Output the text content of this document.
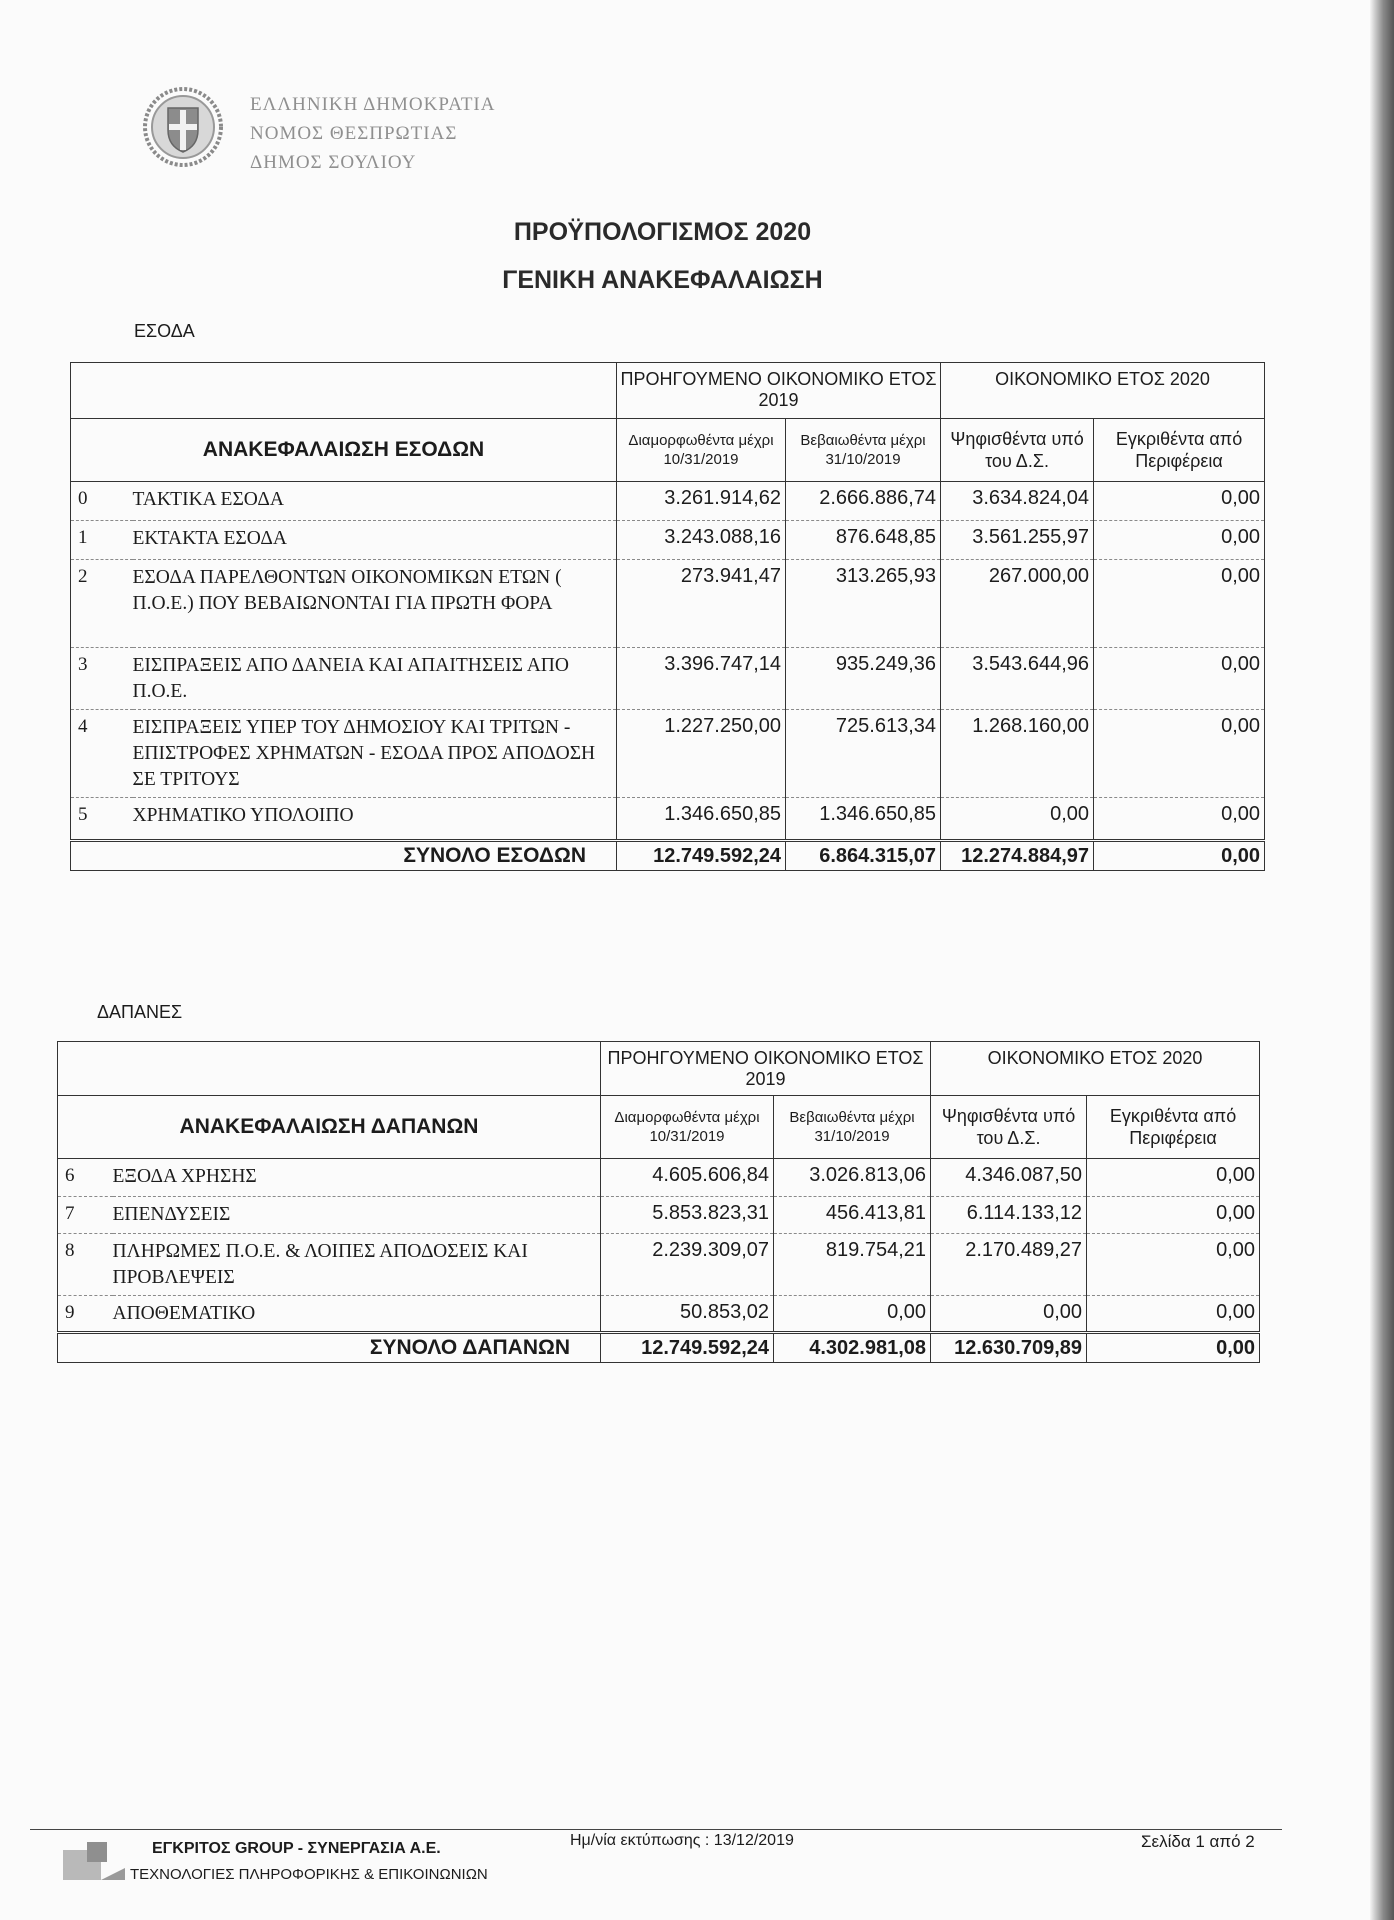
ΕΛΛΗΝΙΚΗ ΔΗΜΟΚΡΑΤΙΑ
ΝΟΜΟΣ ΘΕΣΠΡΩΤΙΑΣ
ΔΗΜΟΣ ΣΟΥΛΙΟΥ
ΠΡΟΫΠΟΛΟΓΙΣΜΟΣ 2020
ΓΕΝΙΚΗ ΑΝΑΚΕΦΑΛΑΙΩΣΗ
ΕΣΟΔΑ
		ΠΡΟΗΓΟΥΜΕΝΟ ΟΙΚΟΝΟΜΙΚΟ ΕΤΟΣ 2019		ΟΙΚΟΝΟΜΙΚΟ ΕΤΟΣ 2020	
ΑΝΑΚΕΦΑΛΑΙΩΣΗ ΕΣΟΔΩΝ		Διαμορφωθέντα μέχρι 10/31/2019	Βεβαιωθέντα μέχρι 31/10/2019	Ψηφισθέντα υπό του Δ.Σ.	Εγκριθέντα από Περιφέρεια
0	ΤΑΚΤΙΚΑ ΕΣΟΔΑ	3.261.914,62	2.666.886,74	3.634.824,04	0,00
1	ΕΚΤΑΚΤΑ ΕΣΟΔΑ	3.243.088,16	876.648,85	3.561.255,97	0,00
2	ΕΣΟΔΑ ΠΑΡΕΛΘΟΝΤΩΝ ΟΙΚΟΝΟΜΙΚΩΝ ΕΤΩΝ ( Π.Ο.Ε.) ΠΟΥ ΒΕΒΑΙΩΝΟΝΤΑΙ ΓΙΑ ΠΡΩΤΗ ΦΟΡΑ	273.941,47	313.265,93	267.000,00	0,00
3	ΕΙΣΠΡΑΞΕΙΣ ΑΠΟ ΔΑΝΕΙΑ ΚΑΙ ΑΠΑΙΤΗΣΕΙΣ ΑΠΟ Π.Ο.Ε.	3.396.747,14	935.249,36	3.543.644,96	0,00
4	ΕΙΣΠΡΑΞΕΙΣ ΥΠΕΡ ΤΟΥ ΔΗΜΟΣΙΟΥ ΚΑΙ ΤΡΙΤΩΝ - ΕΠΙΣΤΡΟΦΕΣ ΧΡΗΜΑΤΩΝ - ΕΣΟΔΑ ΠΡΟΣ ΑΠΟΔΟΣΗ ΣΕ ΤΡΙΤΟΥΣ	1.227.250,00	725.613,34	1.268.160,00	0,00
5	ΧΡΗΜΑΤΙΚΟ ΥΠΟΛΟΙΠΟ	1.346.650,85	1.346.650,85	0,00	0,00
ΣΥΝΟΛΟ ΕΣΟΔΩΝ		12.749.592,24	6.864.315,07	12.274.884,97	0,00
ΔΑΠΑΝΕΣ
		ΠΡΟΗΓΟΥΜΕΝΟ ΟΙΚΟΝΟΜΙΚΟ ΕΤΟΣ 2019		ΟΙΚΟΝΟΜΙΚΟ ΕΤΟΣ 2020	
ΑΝΑΚΕΦΑΛΑΙΩΣΗ ΔΑΠΑΝΩΝ		Διαμορφωθέντα μέχρι 10/31/2019	Βεβαιωθέντα μέχρι 31/10/2019	Ψηφισθέντα υπό του Δ.Σ.	Εγκριθέντα από Περιφέρεια
6	ΕΞΟΔΑ ΧΡΗΣΗΣ	4.605.606,84	3.026.813,06	4.346.087,50	0,00
7	ΕΠΕΝΔΥΣΕΙΣ	5.853.823,31	456.413,81	6.114.133,12	0,00
8	ΠΛΗΡΩΜΕΣ Π.Ο.Ε. & ΛΟΙΠΕΣ ΑΠΟΔΟΣΕΙΣ ΚΑΙ ΠΡΟΒΛΕΨΕΙΣ	2.239.309,07	819.754,21	2.170.489,27	0,00
9	ΑΠΟΘΕΜΑΤΙΚΟ	50.853,02	0,00	0,00	0,00
ΣΥΝΟΛΟ ΔΑΠΑΝΩΝ		12.749.592,24	4.302.981,08	12.630.709,89	0,00
ΕΓΚΡΙΤΟΣ GROUP - ΣΥΝΕΡΓΑΣΙΑ Α.Ε.
ΤΕΧΝΟΛΟΓΙΕΣ ΠΛΗΡΟΦΟΡΙΚΗΣ & ΕΠΙΚΟΙΝΩΝΙΩΝ
Ημ/νία εκτύπωσης : 13/12/2019	Σελίδα 1 από 2
